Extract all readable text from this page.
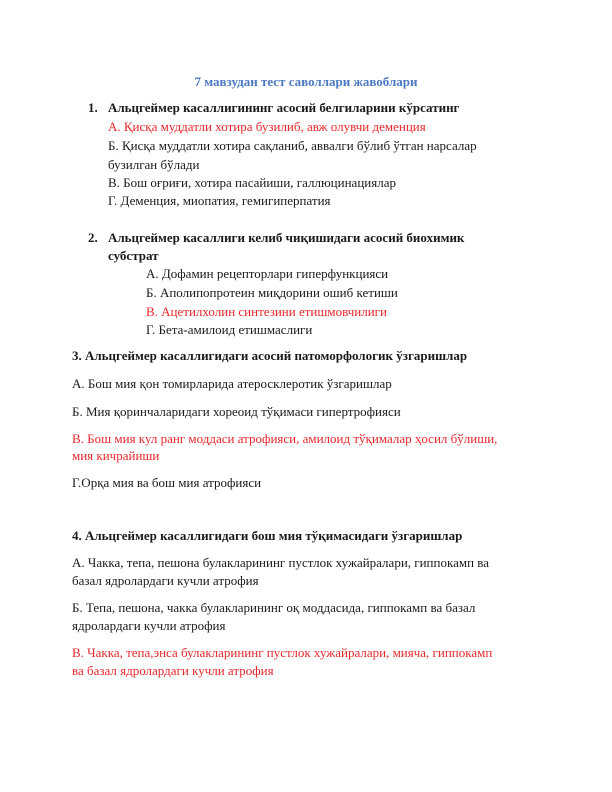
7 мавзудан тест саволлари жавоблари
1. Альцгеймер касаллигининг асосий белгиларини кўрсатинг
А. Қисқа муддатли хотира бузилиб, авж олувчи деменция
Б. Қисқа муддатли хотира сақланиб, аввалги бўлиб ўтган нарсалар
бузилган бўлади
В. Бош оғриғи, хотира пасайиши, галлюцинациялар
Г. Деменция, миопатия, гемигиперпатия
2. Альцгеймер касаллиги келиб чиқишидаги асосий биохимик
субстрат
А. Дофамин рецепторлари гиперфункцияси
Б. Аполипопротеин миқдорини ошиб кетиши
В. Ацетилхолин синтезини етишмовчилиги
Г. Бета-амилоид етишмаслиги
3. Альцгеймер касаллигидаги асосий патоморфологик ўзгаришлар
А. Бош мия қон томирларида атеросклеротик ўзгаришлар
Б. Мия қоринчаларидаги хореоид тўқимаси гипертрофияси
В. Бош мия кул ранг моддаси атрофияси, амилоид тўқималар ҳосил бўлиши,
мия кичрайиши
Г.Орқа мия ва бош мия атрофияси
4. Альцгеймер касаллигидаги бош мия тўқимасидаги ўзгаришлар
А. Чакка, тепа, пешона булакларининг пустлок хужайралари, гиппокамп ва
базал ядролардаги кучли атрофия
Б. Тепа, пешона, чакка булакларининг оқ моддасида, гиппокамп ва базал
ядролардаги кучли атрофия
В. Чакка, тепа,энса булакларининг пустлок хужайралари, мияча, гиппокамп
ва базал ядролардаги кучли атрофия
